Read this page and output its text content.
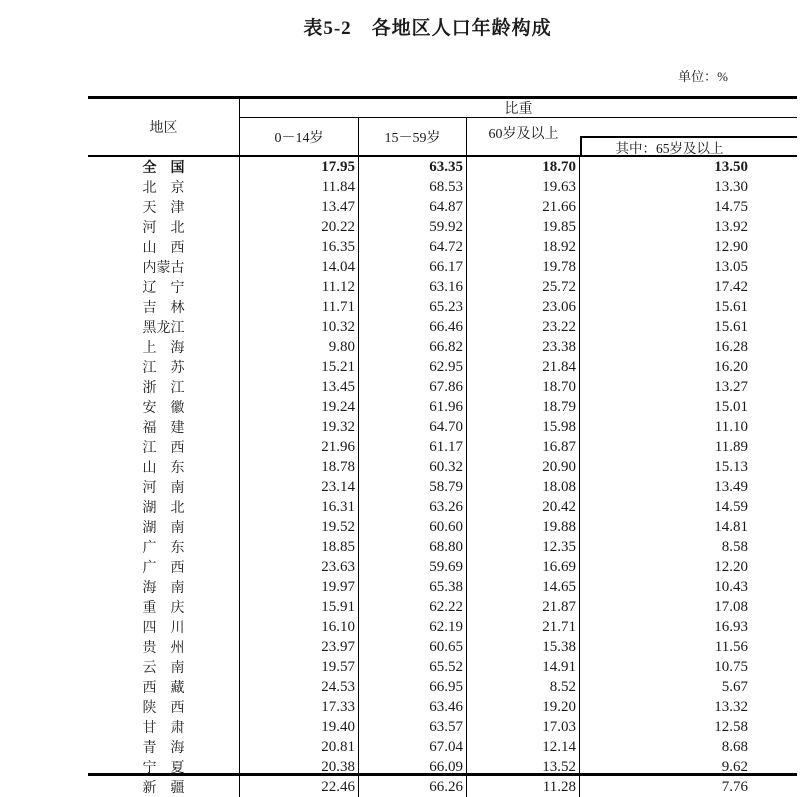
表5-2　各地区人口年龄构成
单位：%
地区
比重
0－14岁	15－59岁	60岁及以上
其中：65岁及以上
全　国	17.95	63.35	18.70	13.50
北　京	11.84	68.53	19.63	13.30
天　津	13.47	64.87	21.66	14.75
河　北	20.22	59.92	19.85	13.92
山　西	16.35	64.72	18.92	12.90
内蒙古	14.04	66.17	19.78	13.05
辽　宁	11.12	63.16	25.72	17.42
吉　林	11.71	65.23	23.06	15.61
黑龙江	10.32	66.46	23.22	15.61
上　海	9.80	66.82	23.38	16.28
江　苏	15.21	62.95	21.84	16.20
浙　江	13.45	67.86	18.70	13.27
安　徽	19.24	61.96	18.79	15.01
福　建	19.32	64.70	15.98	11.10
江　西	21.96	61.17	16.87	11.89
山　东	18.78	60.32	20.90	15.13
河　南	23.14	58.79	18.08	13.49
湖　北	16.31	63.26	20.42	14.59
湖　南	19.52	60.60	19.88	14.81
广　东	18.85	68.80	12.35	8.58
广　西	23.63	59.69	16.69	12.20
海　南	19.97	65.38	14.65	10.43
重　庆	15.91	62.22	21.87	17.08
四　川	16.10	62.19	21.71	16.93
贵　州	23.97	60.65	15.38	11.56
云　南	19.57	65.52	14.91	10.75
西　藏	24.53	66.95	8.52	5.67
陕　西	17.33	63.46	19.20	13.32
甘　肃	19.40	63.57	17.03	12.58
青　海	20.81	67.04	12.14	8.68
宁　夏	20.38	66.09	13.52	9.62
新　疆	22.46	66.26	11.28	7.76
